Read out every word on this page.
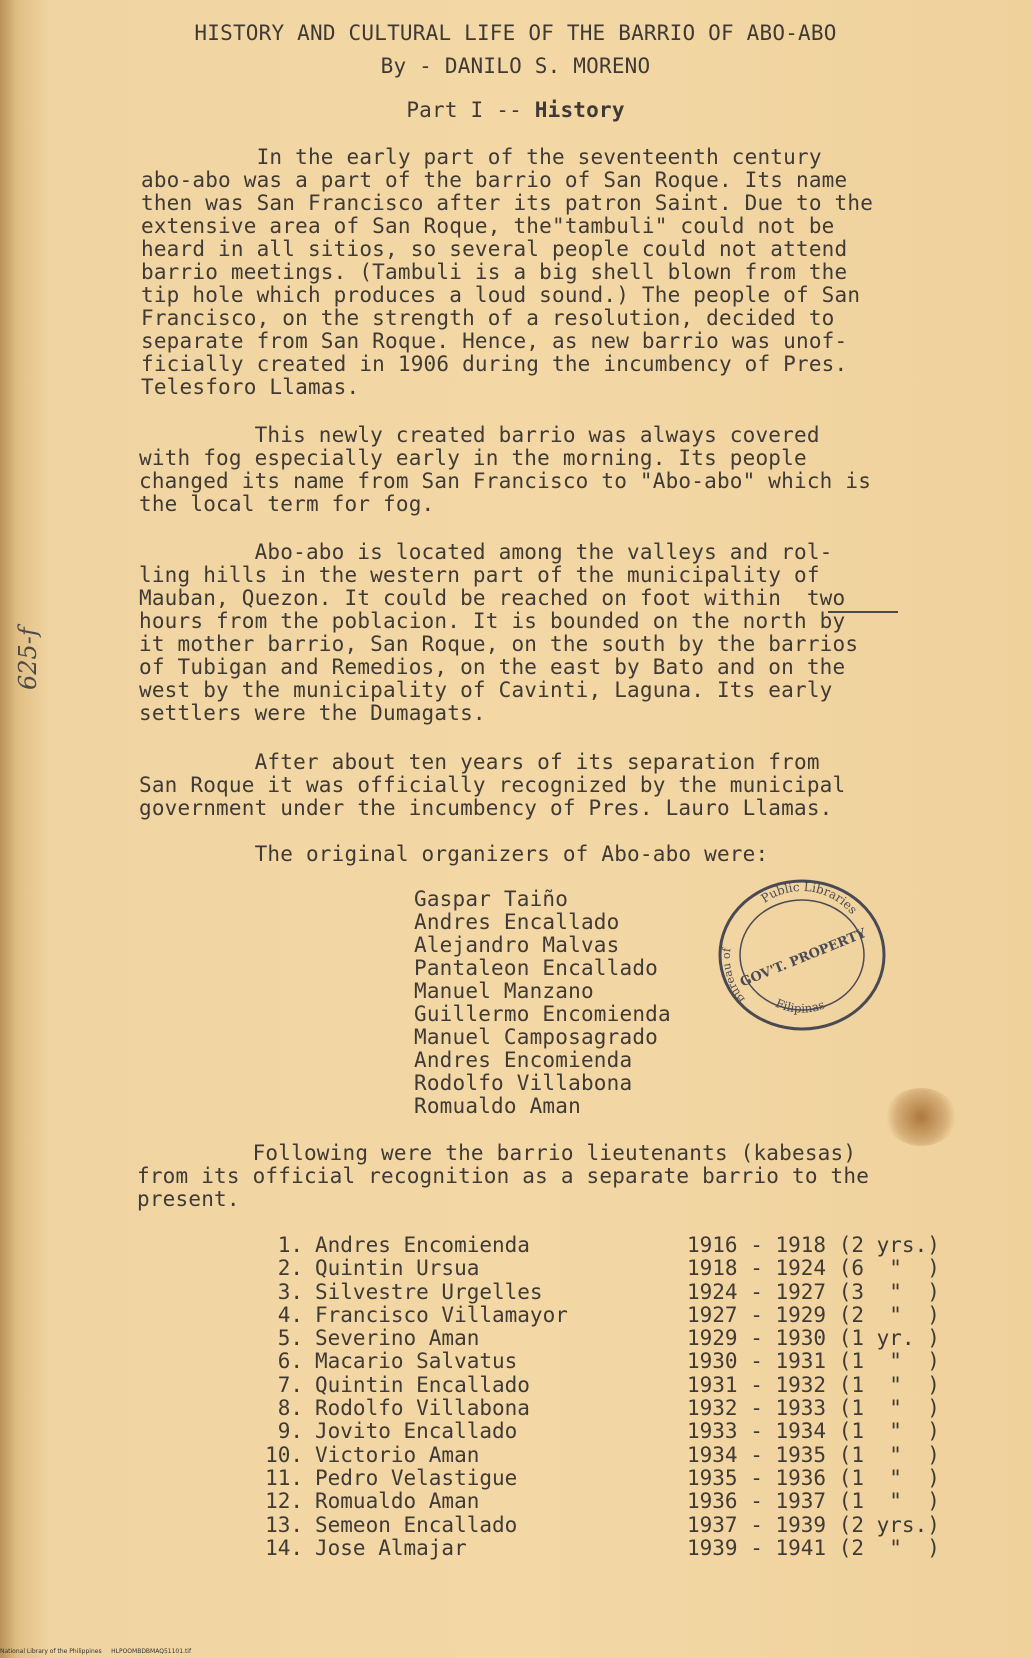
HISTORY AND CULTURAL LIFE OF THE BARRIO OF ABO-ABO
By - DANILO S. MORENO
Part I -- History
In the early part of the seventeenth century
abo-abo was a part of the barrio of San Roque. Its name
then was San Francisco after its patron Saint. Due to the
extensive area of San Roque, the"tambuli" could not be
heard in all sitios, so several people could not attend
barrio meetings. (Tambuli is a big shell blown from the
tip hole which produces a loud sound.) The people of San
Francisco, on the strength of a resolution, decided to
separate from San Roque. Hence, as new barrio was unof-
ficially created in 1906 during the incumbency of Pres.
Telesforo Llamas.
This newly created barrio was always covered
with fog especially early in the morning. Its people
changed its name from San Francisco to "Abo-abo" which is
the local term for fog.
Abo-abo is located among the valleys and rol-
ling hills in the western part of the municipality of
Mauban, Quezon. It could be reached on foot within  two
hours from the poblacion. It is bounded on the north by
it mother barrio, San Roque, on the south by the barrios
of Tubigan and Remedios, on the east by Bato and on the
west by the municipality of Cavinti, Laguna. Its early
settlers were the Dumagats.
After about ten years of its separation from
San Roque it was officially recognized by the municipal
government under the incumbency of Pres. Lauro Llamas.
The original organizers of Abo-abo were:
Gaspar Taiño
Andres Encallado
Alejandro Malvas
Pantaleon Encallado
Manuel Manzano
Guillermo Encomienda
Manuel Camposagrado
Andres Encomienda
Rodolfo Villabona
Romualdo Aman
Public Libraries
Bureau of
Filipinas
GOV'T. PROPERTY
Following were the barrio lieutenants (kabesas)
from its official recognition as a separate barrio to the
present.
1. Andres Encomienda	1916 - 1918 (2 yrs.)
2. Quintin Ursua	1918 - 1924 (6  "  )
3. Silvestre Urgelles	1924 - 1927 (3  "  )
4. Francisco Villamayor	1927 - 1929 (2  "  )
5. Severino Aman	1929 - 1930 (1 yr. )
6. Macario Salvatus	1930 - 1931 (1  "  )
7. Quintin Encallado	1931 - 1932 (1  "  )
8. Rodolfo Villabona	1932 - 1933 (1  "  )
9. Jovito Encallado	1933 - 1934 (1  "  )
10. Victorio Aman	1934 - 1935 (1  "  )
11. Pedro Velastigue	1935 - 1936 (1  "  )
12. Romualdo Aman	1936 - 1937 (1  "  )
13. Semeon Encallado	1937 - 1939 (2 yrs.)
14. Jose Almajar	1939 - 1941 (2  "  )
625-f
National Library of the Philippines     HLPOOMBDBMAQ51101.tif
